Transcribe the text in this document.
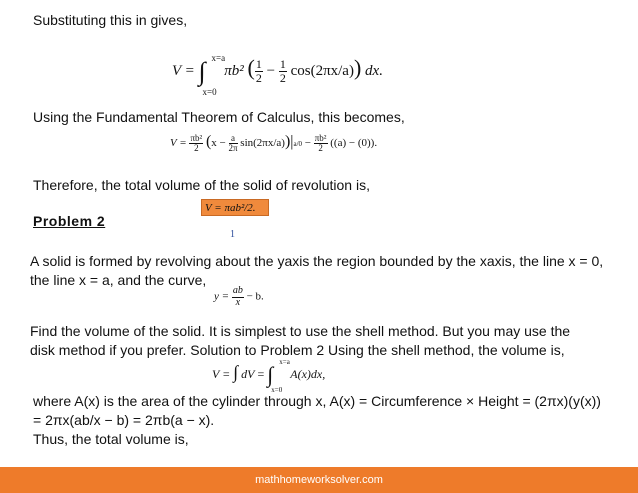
Substituting this in gives,
V = ∫ x=a
x=0
πb² ( $\frac{1}{2} - \frac{1}{2} \cos(2\pi x/a)$) dx.
Using the Fundamental Theorem of Calculus, this becomes,
$V = \frac{\text{πb²}}{2} (x - \frac{a}{2\pi} \sin(2\pi x/a))|a/0 - \frac{\text{πb²}}{2} ((a) - (0))$.
Therefore, the total volume of the solid of revolution is,
V = πab²/2.
1
Problem 2
A solid is formed by revolving about the yaxis the region bounded by the xaxis, the line x = 0, the line x = a, and the curve,
$y = \frac{ab}{x} - b$.
Find the volume of the solid. It is simplest to use the shell method. But you may use the disk method if you prefer. Solution to Problem 2 Using the shell method, the volume is,
V = ∫ dV = ∫ x=a
x=0
A(x)dx,
where A(x) is the area of the cylinder through x, A(x) = Circumference × Height = (2πx)(y(x)) = 2πx(ab/x − b) = 2πb(a − x).
Thus, the total volume is,
mathhomeworksolver.com
